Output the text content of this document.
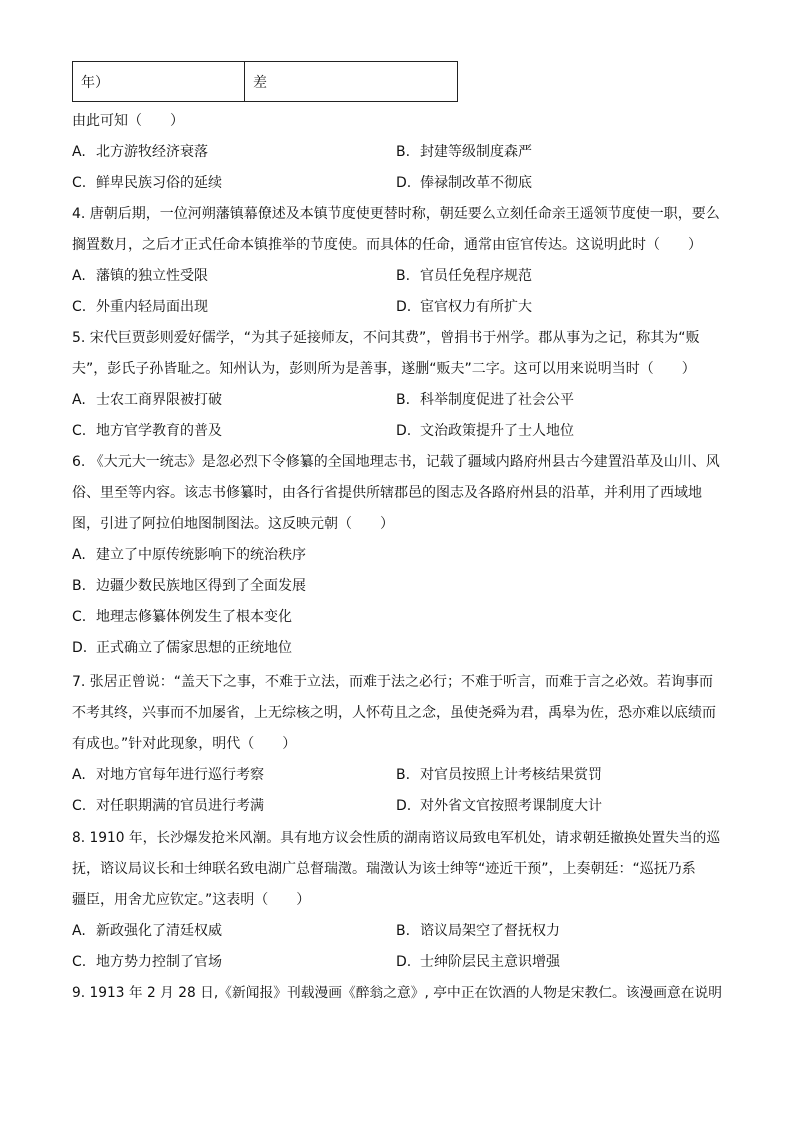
年）	差
由此可知（　　）
A. 北方游牧经济衰落	B. 封建等级制度森严
C. 鲜卑民族习俗的延续	D. 俸禄制改革不彻底
4. 唐朝后期，一位河朔藩镇幕僚述及本镇节度使更替时称，朝廷要么立刻任命亲王遥领节度使一职，要么
搁置数月，之后才正式任命本镇推举的节度使。而具体的任命，通常由宦官传达。这说明此时（　　）
A. 藩镇的独立性受限	B. 官员任免程序规范
C. 外重内轻局面出现	D. 宦官权力有所扩大
5. 宋代巨贾彭则爱好儒学，“为其子延接师友，不问其费”，曾捐书于州学。郡从事为之记，称其为“贩
夫”，彭氏子孙皆耻之。知州认为，彭则所为是善事，遂删“贩夫”二字。这可以用来说明当时（　　）
A. 士农工商界限被打破	B. 科举制度促进了社会公平
C. 地方官学教育的普及	D. 文治政策提升了士人地位
6. 《大元大一统志》是忽必烈下令修纂的全国地理志书，记载了疆域内路府州县古今建置沿革及山川、风
俗、里至等内容。该志书修纂时，由各行省提供所辖郡邑的图志及各路府州县的沿革，并利用了西域地
图，引进了阿拉伯地图制图法。这反映元朝（　　）
A. 建立了中原传统影响下的统治秩序
B. 边疆少数民族地区得到了全面发展
C. 地理志修纂体例发生了根本变化
D. 正式确立了儒家思想的正统地位
7. 张居正曾说：“盖天下之事，不难于立法，而难于法之必行；不难于听言，而难于言之必效。若询事而
不考其终，兴事而不加屡省，上无综核之明，人怀苟且之念，虽使尧舜为君，禹皋为佐，恐亦难以底绩而
有成也。”针对此现象，明代（　　）
A. 对地方官每年进行巡行考察	B. 对官员按照上计考核结果赏罚
C. 对任职期满的官员进行考满	D. 对外省文官按照考课制度大计
8. 1910 年，长沙爆发抢米风潮。具有地方议会性质的湖南谘议局致电军机处，请求朝廷撤换处置失当的巡
抚，谘议局议长和士绅联名致电湖广总督瑞澂。瑞澂认为该士绅等“迹近干预”，上奏朝廷：“巡抚乃系
疆臣，用舍尤应钦定。”这表明（　　）
A. 新政强化了清廷权威	B. 谘议局架空了督抚权力
C. 地方势力控制了官场	D. 士绅阶层民主意识增强
9. 1913 年 2 月 28 日,《新闻报》刊载漫画《醉翁之意》, 亭中正在饮酒的人物是宋教仁。该漫画意在说明
